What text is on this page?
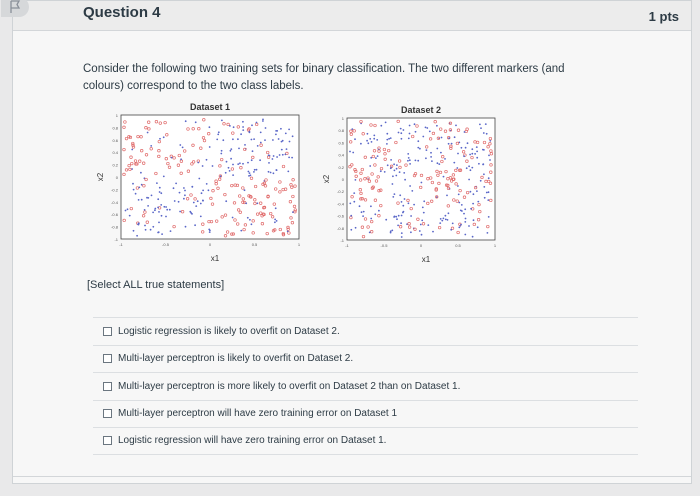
Question 4	1 pts
Consider the following two training sets for binary classification. The two different markers (and colours) correspond to the two class labels.
Dataset 1
1
0.8
0.6
0.4
0.2
0
-0.2
-0.4
-0.6
-0.8
-1
-1	-0.5	0	0.5	1
x1
x2
Dataset 2
1
0.8
0.6
0.4
0.2
0
-0.2
-0.4
-0.6
-0.8
-1
-1	-0.5	0	0.5	1
x1
x2
[Select ALL true statements]
Logistic regression is likely to overfit on Dataset 2.
Multi-layer perceptron is likely to overfit on Dataset 2.
Multi-layer perceptron is more likely to overfit on Dataset 2 than on Dataset 1.
Multi-layer perceptron will have zero training error on Dataset 1
Logistic regression will have zero training error on Dataset 1.
